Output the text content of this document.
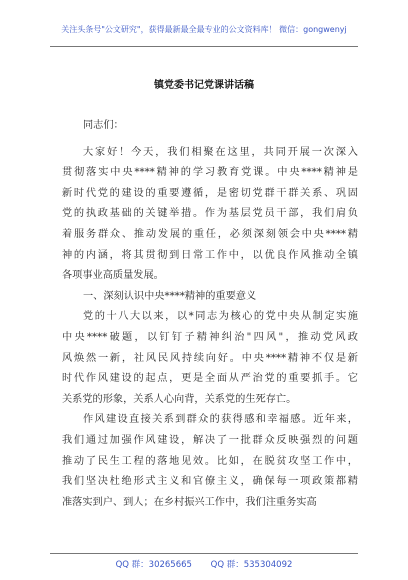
关注头条号"公文研究"，获得最新最全最专业的公文资料库！ 微信：gongwenyj
镇党委书记党课讲话稿
同志们：
大家好！今天，我们相聚在这里，共同开展一次深入
贯彻落实中央****精神的学习教育党课。中央****精神是
新时代党的建设的重要遵循，是密切党群干群关系、巩固
党的执政基础的关键举措。作为基层党员干部，我们肩负
着服务群众、推动发展的重任，必须深刻领会中央****精
神的内涵，将其贯彻到日常工作中，以优良作风推动全镇
各项事业高质量发展。
一、深刻认识中央****精神的重要意义
党的十八大以来，以*同志为核心的党中央从制定实施
中央****破题，以钉钉子精神纠治"四风"，推动党风政
风焕然一新，社风民风持续向好。中央****精神不仅是新
时代作风建设的起点，更是全面从严治党的重要抓手。它
关系党的形象，关系人心向背，关系党的生死存亡。
作风建设直接关系到群众的获得感和幸福感。近年来，
我们通过加强作风建设，解决了一批群众反映强烈的问题
推动了民生工程的落地见效。比如，在脱贫攻坚工作中，
我们坚决杜绝形式主义和官僚主义，确保每一项政策都精
准落实到户、到人；在乡村振兴工作中，我们注重务实高
QQ 群：30265665 QQ 群：535304092
